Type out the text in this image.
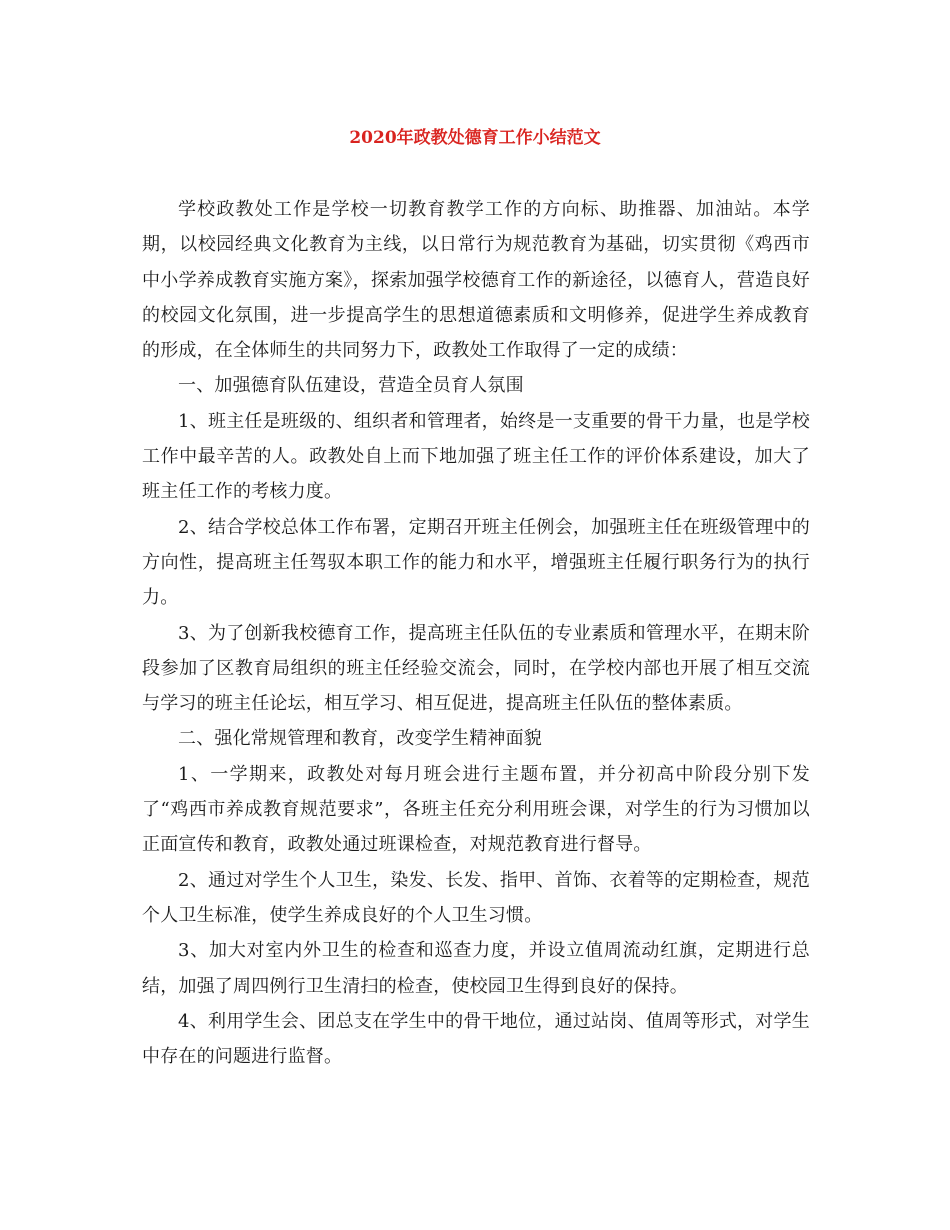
2020年政教处德育工作小结范文

学校政教处工作是学校一切教育教学工作的方向标、助推器、加油站。本学期，以校园经典文化教育为主线，以日常行为规范教育为基础，切实贯彻《鸡西市中小学养成教育实施方案》，探索加强学校德育工作的新途径，以德育人，营造良好的校园文化氛围，进一步提高学生的思想道德素质和文明修养，促进学生养成教育的形成，在全体师生的共同努力下，政教处工作取得了一定的成绩：

一、加强德育队伍建设，营造全员育人氛围

1、班主任是班级的、组织者和管理者，始终是一支重要的骨干力量，也是学校工作中最辛苦的人。政教处自上而下地加强了班主任工作的评价体系建设，加大了班主任工作的考核力度。

2、结合学校总体工作布署，定期召开班主任例会，加强班主任在班级管理中的方向性，提高班主任驾驭本职工作的能力和水平，增强班主任履行职务行为的执行力。

3、为了创新我校德育工作，提高班主任队伍的专业素质和管理水平，在期末阶段参加了区教育局组织的班主任经验交流会，同时，在学校内部也开展了相互交流与学习的班主任论坛，相互学习、相互促进，提高班主任队伍的整体素质。

二、强化常规管理和教育，改变学生精神面貌

1、一学期来，政教处对每月班会进行主题布置，并分初高中阶段分别下发了“鸡西市养成教育规范要求”，各班主任充分利用班会课，对学生的行为习惯加以正面宣传和教育，政教处通过班课检查，对规范教育进行督导。

2、通过对学生个人卫生，染发、长发、指甲、首饰、衣着等的定期检查，规范个人卫生标准，使学生养成良好的个人卫生习惯。

3、加大对室内外卫生的检查和巡查力度，并设立值周流动红旗，定期进行总结，加强了周四例行卫生清扫的检查，使校园卫生得到良好的保持。

4、利用学生会、团总支在学生中的骨干地位，通过站岗、值周等形式，对学生中存在的问题进行监督。
